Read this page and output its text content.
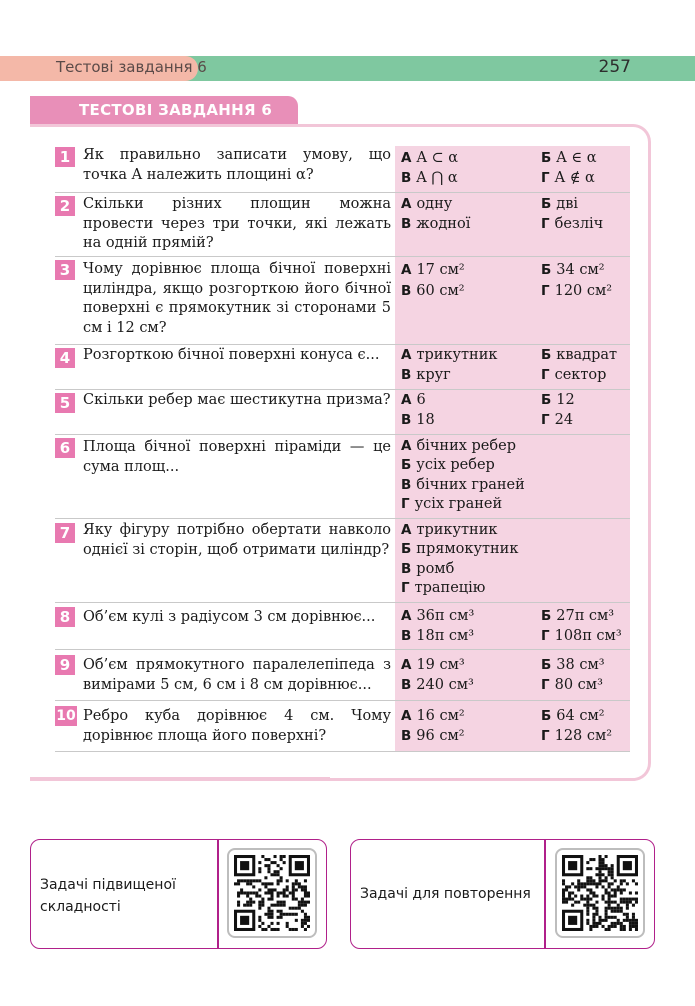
Тестові завдання 6	257
ТЕСТОВІ ЗАВДАННЯ 6
1 Як правильно записати умову, що точка A належить площині α?
А A ⊂ α	Б A ∈ α
В A ⋂ α	Г A ∉ α
2 Скільки різних площин можна провести через три точки, які лежать на одній прямій?
А одну	Б дві
В жодної	Г безліч
3 Чому дорівнює площа бічної поверхні циліндра, якщо розгорткою його бічної поверхні є прямокутник зі сторонами 5 см і 12 см?
А 17 см²	Б 34 см²
В 60 см²	Г 120 см²
4 Розгорткою бічної поверхні конуса є...	А трикутник	Б квадрат
В круг	Г сектор
5 Скільки ребер має шестикутна призма? А 6	Б 12
В 18	Г 24
6 Площа бічної поверхні піраміди — це сума площ...
А бічних ребер
Б усіх ребер
В бічних граней
Г усіх граней
7 Яку фігуру потрібно обертати навколо однієї зі сторін, щоб отримати циліндр?
А трикутник
Б прямокутник
В ромб
Г трапецію
8 Об’єм кулі з радіусом 3 см дорівнює...	А 36π см³	Б 27π см³
В 18π см³	Г 108π см³
9 Об’єм прямокутного паралелепіпеда з вимірами 5 см, 6 см і 8 см дорівнює...
А 19 см³	Б 38 см³
В 240 см³	Г 80 см³
10 Ребро куба дорівнює 4 см. Чому дорівнює площа його поверхні?
А 16 см²	Б 64 см²
В 96 см²	Г 128 см²
Задачі підвищеної
складності
Задачі для повторення
